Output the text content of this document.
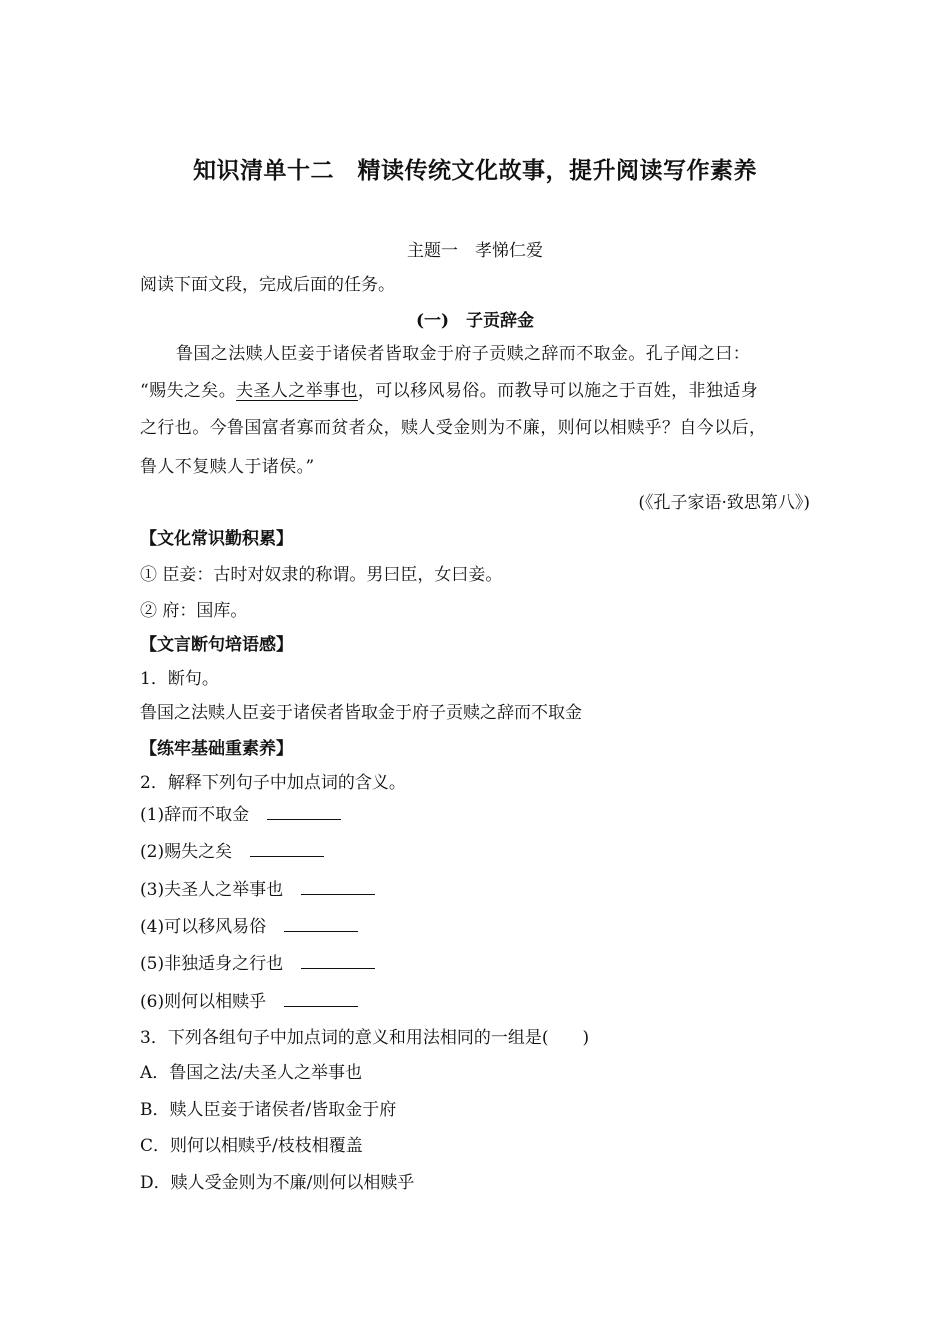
知识清单十二　精读传统文化故事，提升阅读写作素养
主题一　孝悌仁爱
阅读下面文段，完成后面的任务。
(一)　子贡辞金
鲁国之法赎人臣妾于诸侯者皆取金于府子贡赎之辞而不取金。孔子闻之曰：
“赐失之矣。夫圣人之举事也，可以移风易俗。而教导可以施之于百姓，非独适身
之行也。今鲁国富者寡而贫者众，赎人受金则为不廉，则何以相赎乎？自今以后，
鲁人不复赎人于诸侯。”
(《孔子家语·致思第八》)
【文化常识勤积累】
① 臣妾：古时对奴隶的称谓。男曰臣，女曰妾。
② 府：国库。
【文言断句培语感】
1．断句。
鲁国之法赎人臣妾于诸侯者皆取金于府子贡赎之辞而不取金
【练牢基础重素养】
2．解释下列句子中加点词的含义。
(1)辞而不取金
(2)赐失之矣
(3)夫圣人之举事也
(4)可以移风易俗
(5)非独适身之行也
(6)则何以相赎乎
3．下列各组句子中加点词的意义和用法相同的一组是(　　)
A．鲁国之法/夫圣人之举事也
B．赎人臣妾于诸侯者/皆取金于府
C．则何以相赎乎/枝枝相覆盖
D．赎人受金则为不廉/则何以相赎乎
